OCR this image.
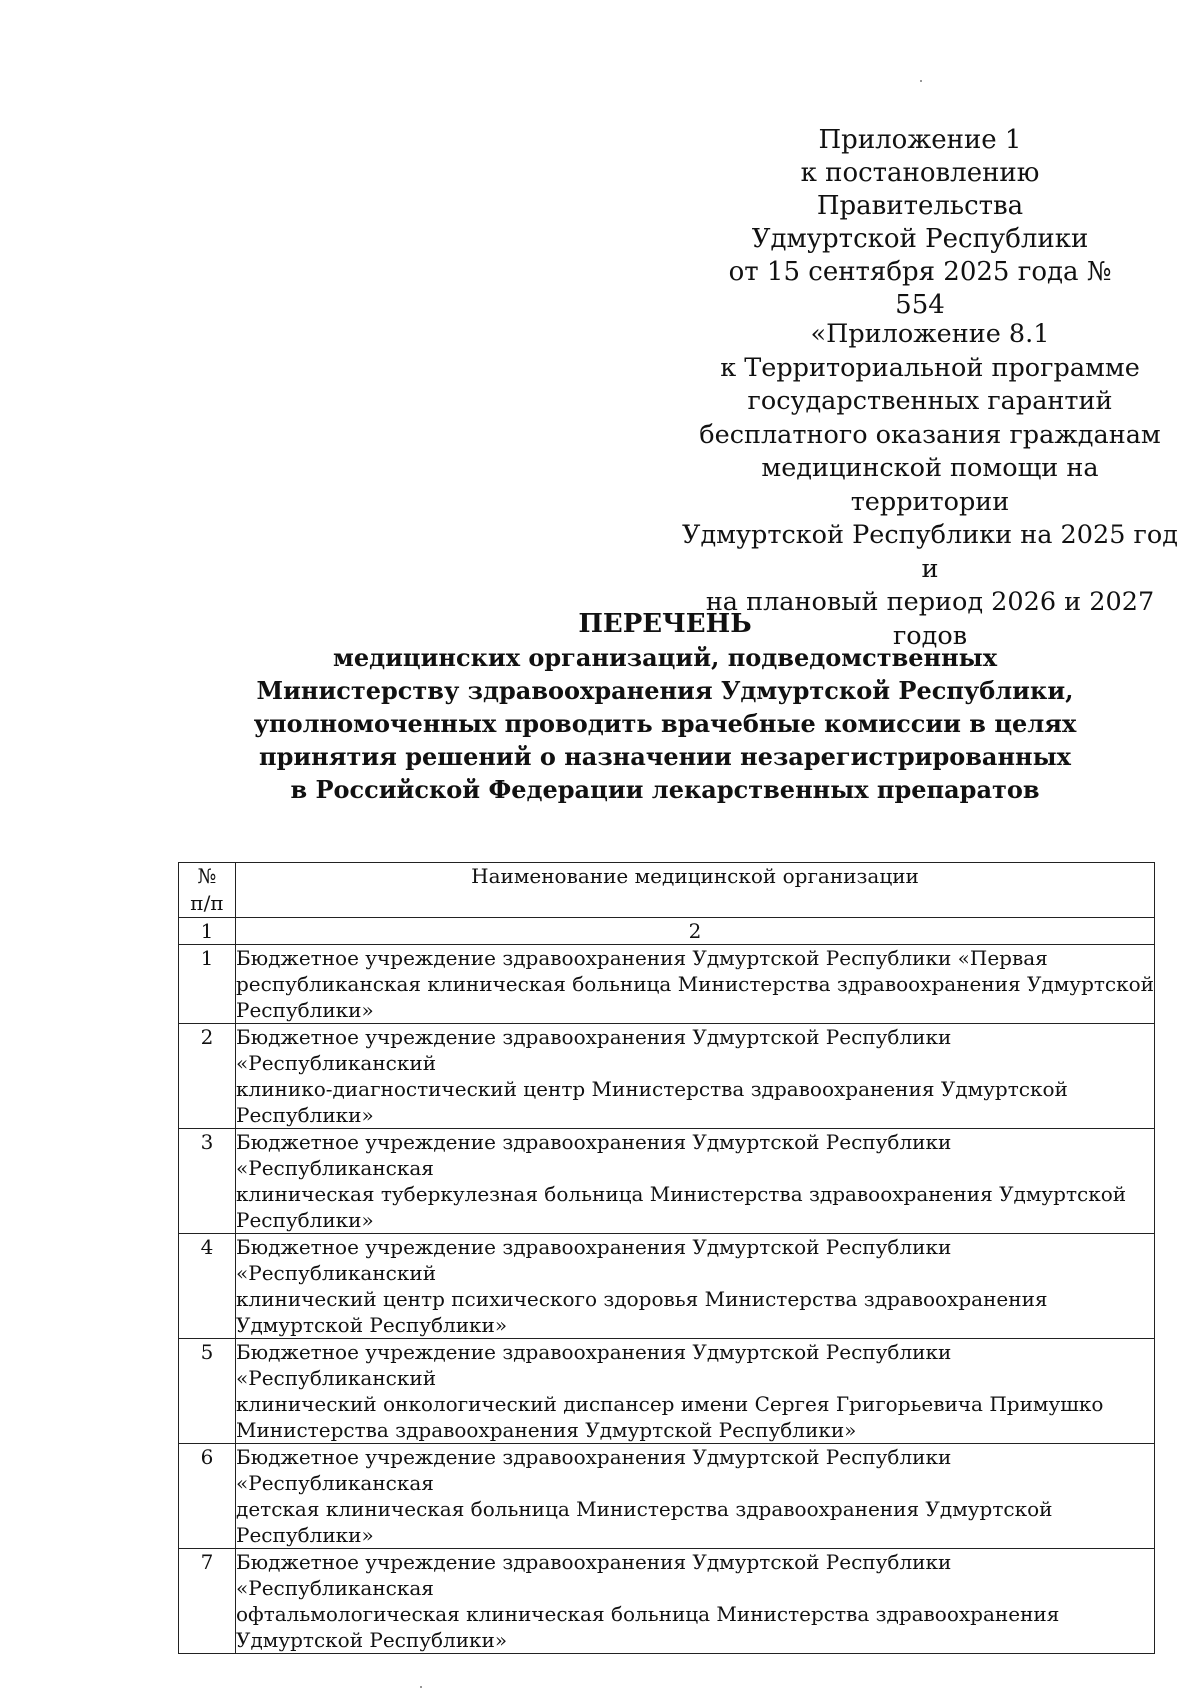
Приложение 1
к постановлению Правительства
Удмуртской Республики
от 15 сентября 2025 года № 554
«Приложение 8.1
к Территориальной программе
государственных гарантий
бесплатного оказания гражданам
медицинской помощи на территории
Удмуртской Республики на 2025 год и
на плановый период 2026 и 2027 годов
ПЕРЕЧЕНЬ
медицинских организаций, подведомственных
Министерству здравоохранения Удмуртской Республики,
уполномоченных проводить врачебные комиссии в целях
принятия решений о назначении незарегистрированных
в Российской Федерации лекарственных препаратов
№
п/п	Наименование медицинской организации
1	2
1	Бюджетное учреждение здравоохранения Удмуртской Республики «Первая
республиканская клиническая больница Министерства здравоохранения Удмуртской
Республики»

2	Бюджетное учреждение здравоохранения Удмуртской Республики «Республиканский
клинико-диагностический центр Министерства здравоохранения Удмуртской
Республики»

3	Бюджетное учреждение здравоохранения Удмуртской Республики «Республиканская
клиническая туберкулезная больница Министерства здравоохранения Удмуртской
Республики»

4	Бюджетное учреждение здравоохранения Удмуртской Республики «Республиканский
клинический центр психического здоровья Министерства здравоохранения
Удмуртской Республики»

5	Бюджетное учреждение здравоохранения Удмуртской Республики «Республиканский
клинический онкологический диспансер имени Сергея Григорьевича Примушко
Министерства здравоохранения Удмуртской Республики»

6	Бюджетное учреждение здравоохранения Удмуртской Республики «Республиканская
детская клиническая больница Министерства здравоохранения Удмуртской
Республики»

7	Бюджетное учреждение здравоохранения Удмуртской Республики «Республиканская
офтальмологическая клиническая больница Министерства здравоохранения
Удмуртской Республики»
